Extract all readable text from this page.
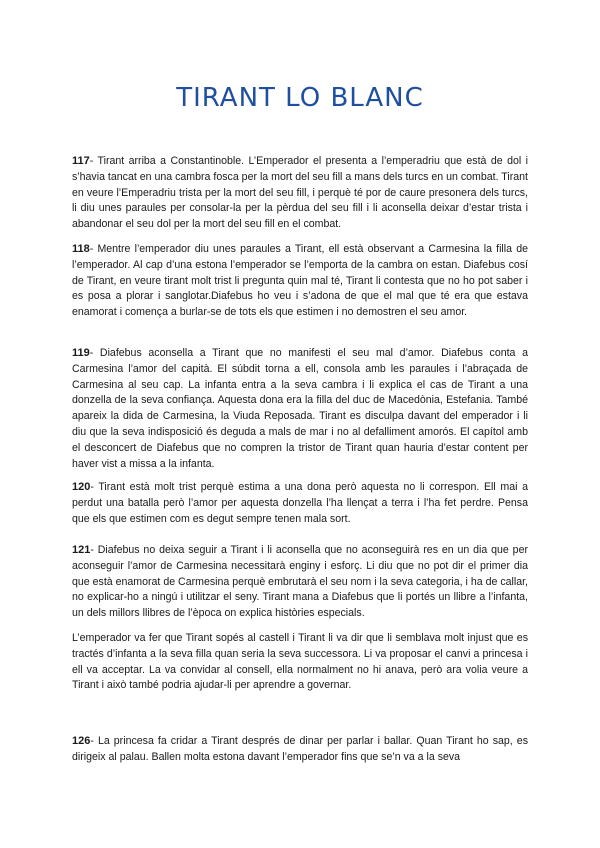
TIRANT LO BLANC

117- Tirant arriba a Constantinoble. L’Emperador el presenta a l’emperadriu que està de dol i s’havia tancat en una cambra fosca per la mort del seu fill a mans dels turcs en un combat. Tirant en veure l’Emperadriu trista per la mort del seu fill, i perquè té por de caure presonera dels turcs, li diu unes paraules per consolar-la per la pèrdua del seu fill i li aconsella deixar d’estar trista i abandonar el seu dol per la mort del seu fill en el combat.

118- Mentre l’emperador diu unes paraules a Tirant, ell està observant a Carmesina la filla de l’emperador. Al cap d’una estona l’emperador se l’emporta de la cambra on estan. Diafebus cosí de Tirant, en veure tirant molt trist li pregunta quin mal té, Tirant li contesta que no ho pot saber i es posa a plorar i sanglotar.Diafebus ho veu i s’adona de que el mal que té era que estava enamorat i comença a burlar-se de tots els que estimen i no demostren el seu amor.

119- Diafebus aconsella a Tirant que no manifesti el seu mal d’amor. Diafebus conta a Carmesina l’amor del capità. El súbdit torna a ell, consola amb les paraules i l’abraçada de Carmesina al seu cap. La infanta entra a la seva cambra i li explica el cas de Tirant a una donzella de la seva confiança. Aquesta dona era la filla del duc de Macedònia, Estefania. També apareix la dida de Carmesina, la Viuda Reposada. Tirant es disculpa davant del emperador i li diu que la seva indisposició és deguda a mals de mar i no al defalliment amorós. El capítol amb el desconcert de Diafebus que no compren la tristor de Tirant quan hauria d’estar content per haver vist a missa a la infanta.

120- Tirant està molt trist perquè estima a una dona però aquesta no li correspon. Ell mai a perdut una batalla però l’amor per aquesta donzella l’ha llençat a terra i l’ha fet perdre. Pensa que els que estimen com es degut sempre tenen mala sort.

121- Diafebus no deixa seguir a Tirant i li aconsella que no aconseguirà res en un dia que per aconseguir l’amor de Carmesina necessitarà enginy i esforç. Li diu que no pot dir el primer dia que està enamorat de Carmesina perquè embrutarà el seu nom i la seva categoria, i ha de callar, no explicar-ho a ningú i utilitzar el seny. Tirant mana a Diafebus que li portés un llibre a l’infanta, un dels millors llibres de l’època on explica històries especials.

L’emperador va fer que Tirant sopés al castell i Tirant li va dir que li semblava molt injust que es tractés d’infanta a la seva filla quan seria la seva successora. Li va proposar el canvi a princesa i ell va acceptar. La va convidar al consell, ella normalment no hi anava, però ara volia veure a Tirant i això també podria ajudar-li per aprendre a governar.

126- La princesa fa cridar a Tirant després de dinar per parlar i ballar. Quan Tirant ho sap, es dirigeix al palau. Ballen molta estona davant l’emperador fins que se’n va a la seva
